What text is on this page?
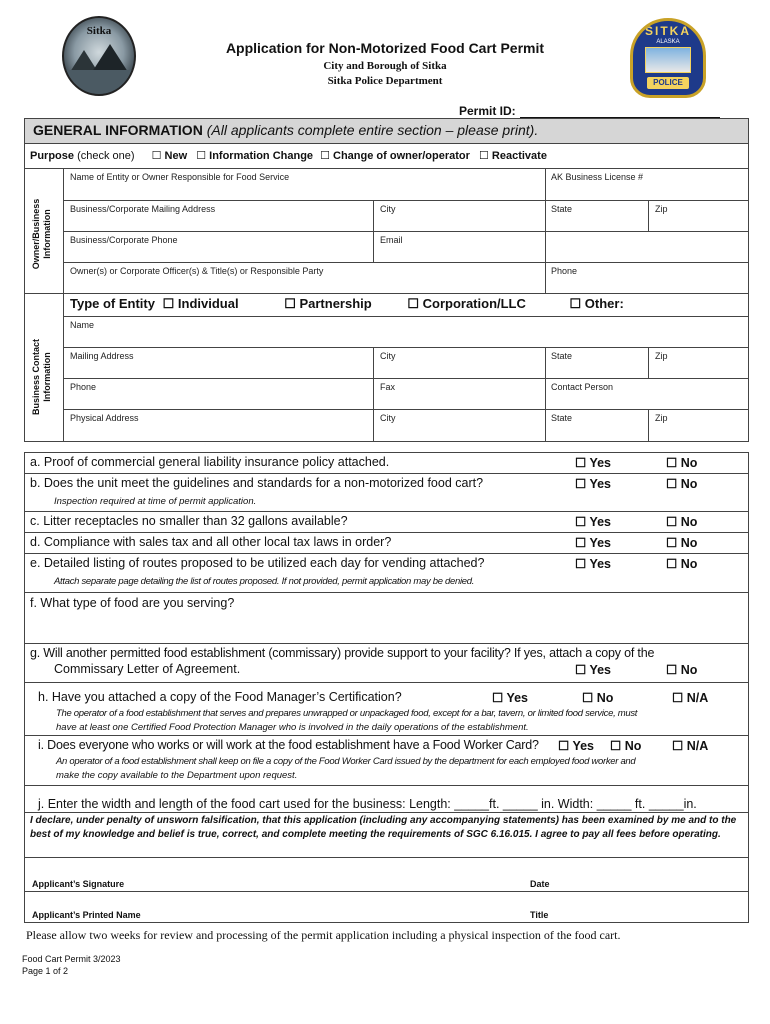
Sitka	SITKA
ALASKA
POLICE
Application for Non-Motorized Food Cart Permit
City and Borough of Sitka
Sitka Police Department
Permit ID:
GENERAL INFORMATION (All applicants complete entire section – please print).
Purpose (check one) ☐ New ☐ Information Change ☐ Change of owner/operator ☐ Reactivate
Owner/Business Information
Name of Entity or Owner Responsible for Food Service	AK Business License #
Business/Corporate Mailing Address	City	State	Zip
Business/Corporate Phone	Email
Owner(s) or Corporate Officer(s) & Title(s) or Responsible Party	Phone
Type of Entity ☐ Individual	☐ Partnership	☐ Corporation/LLC	☐ Other:
Business Contact Information
Name
Mailing Address	City	State	Zip
Phone	Fax	Contact Person
Physical Address	City	State	Zip
a. Proof of commercial general liability insurance policy attached.	☐ Yes	☐ No
b. Does the unit meet the guidelines and standards for a non-motorized food cart?	☐ Yes	☐ No
Inspection required at time of permit application.
c. Litter receptacles no smaller than 32 gallons available?	☐ Yes	☐ No
d. Compliance with sales tax and all other local tax laws in order?	☐ Yes	☐ No
e. Detailed listing of routes proposed to be utilized each day for vending attached?	☐ Yes	☐ No
Attach separate page detailing the list of routes proposed. If not provided, permit application may be denied.
f. What type of food are you serving?
g. Will another permitted food establishment (commissary) provide support to your facility? If yes, attach a copy of the
Commissary Letter of Agreement.	☐ Yes	☐ No
h. Have you attached a copy of the Food Manager’s Certification?	☐ Yes	☐ No	☐ N/A
The operator of a food establishment that serves and prepares unwrapped or unpackaged food, except for a bar, tavern, or limited food service, must
have at least one Certified Food Protection Manager who is involved in the daily operations of the establishment.
i. Does everyone who works or will work at the food establishment have a Food Worker Card? ☐ Yes ☐ No ☐ N/A
An operator of a food establishment shall keep on file a copy of the Food Worker Card issued by the department for each employed food worker and
make the copy available to the Department upon request.
j. Enter the width and length of the food cart used for the business: Length: _____ft. _____ in. Width: _____ ft. _____in.
I declare, under penalty of unsworn falsification, that this application (including any accompanying statements) has been examined by me and to the best of my knowledge and belief is true, correct, and complete meeting the requirements of SGC 6.16.015. I agree to pay all fees before operating.
Applicant’s Signature	Date
Applicant’s Printed Name	Title
Please allow two weeks for review and processing of the permit application including a physical inspection of the food cart.
Food Cart Permit 3/2023
Page 1 of 2
